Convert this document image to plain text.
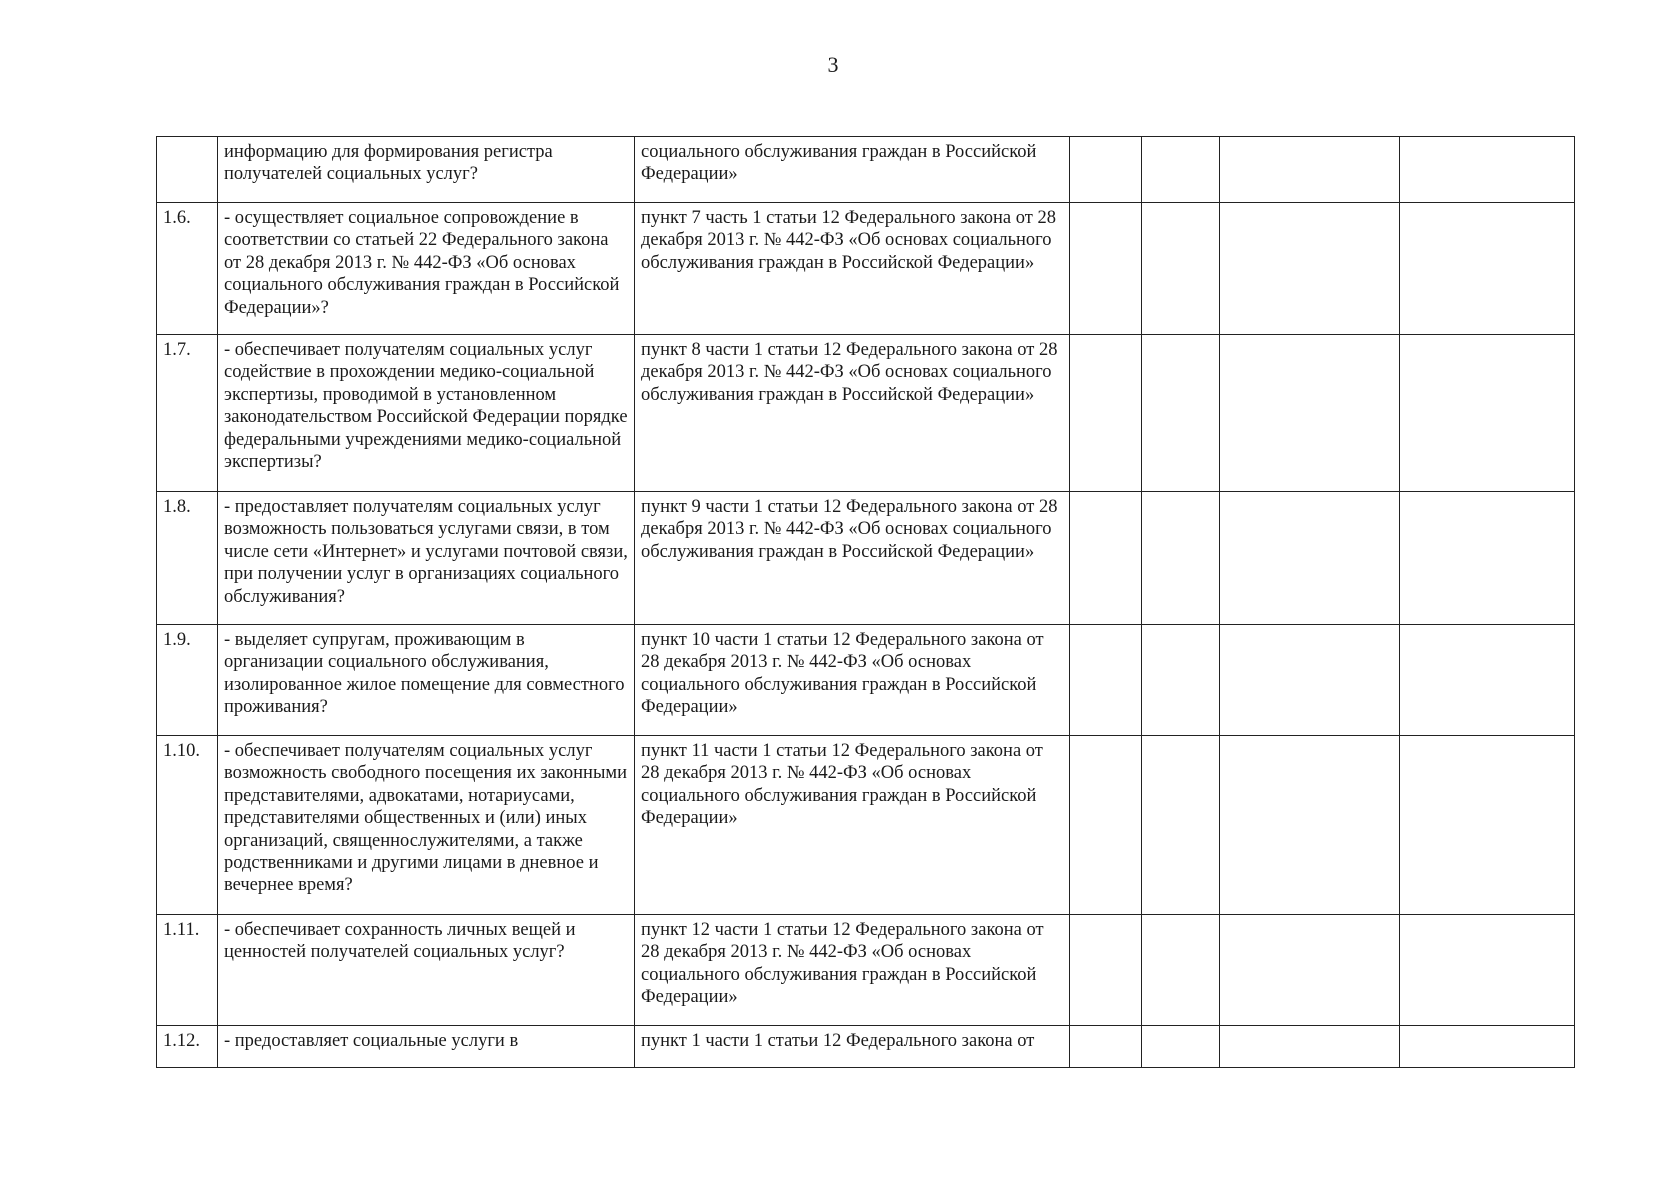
3
	информацию для формирования регистра получателей социальных услуг?	социального обслуживания граждан в Российской Федерации»				
1.6.	- осуществляет социальное сопровождение в соответствии со статьей 22 Федерального закона от 28 декабря 2013 г. № 442-ФЗ «Об основах социального обслуживания граждан в Российской Федерации»?	пункт 7 часть 1 статьи 12 Федерального закона от 28 декабря 2013 г. № 442-ФЗ «Об основах социального обслуживания граждан в Российской Федерации»				
1.7.	- обеспечивает получателям социальных услуг содействие в прохождении медико-социальной экспертизы, проводимой в установленном законодательством Российской Федерации порядке федеральными учреждениями медико-социальной экспертизы?	пункт 8 части 1 статьи 12 Федерального закона от 28 декабря 2013 г. № 442-ФЗ «Об основах социального обслуживания граждан в Российской Федерации»				
1.8.	- предоставляет получателям социальных услуг возможность пользоваться услугами связи, в том числе сети «Интернет» и услугами почтовой связи, при получении услуг в организациях социального обслуживания?	пункт 9 части 1 статьи 12 Федерального закона от 28 декабря 2013 г. № 442-ФЗ «Об основах социального обслуживания граждан в Российской Федерации»				
1.9.	- выделяет супругам, проживающим в организации социального обслуживания, изолированное жилое помещение для совместного проживания?	пункт 10 части 1 статьи 12 Федерального закона от 28 декабря 2013 г. № 442-ФЗ «Об основах социального обслуживания граждан в Российской Федерации»				
1.10.	- обеспечивает получателям социальных услуг возможность свободного посещения их законными представителями, адвокатами, нотариусами, представителями общественных и (или) иных организаций, священнослужителями, а также родственниками и другими лицами в дневное и вечернее время?	пункт 11 части 1 статьи 12 Федерального закона от 28 декабря 2013 г. № 442-ФЗ «Об основах социального обслуживания граждан в Российской Федерации»				
1.11.	- обеспечивает сохранность личных вещей и ценностей получателей социальных услуг?	пункт 12 части 1 статьи 12 Федерального закона от 28 декабря 2013 г. № 442-ФЗ «Об основах социального обслуживания граждан в Российской Федерации»				
1.12.	- предоставляет социальные услуги в	пункт 1 части 1 статьи 12 Федерального закона от				
